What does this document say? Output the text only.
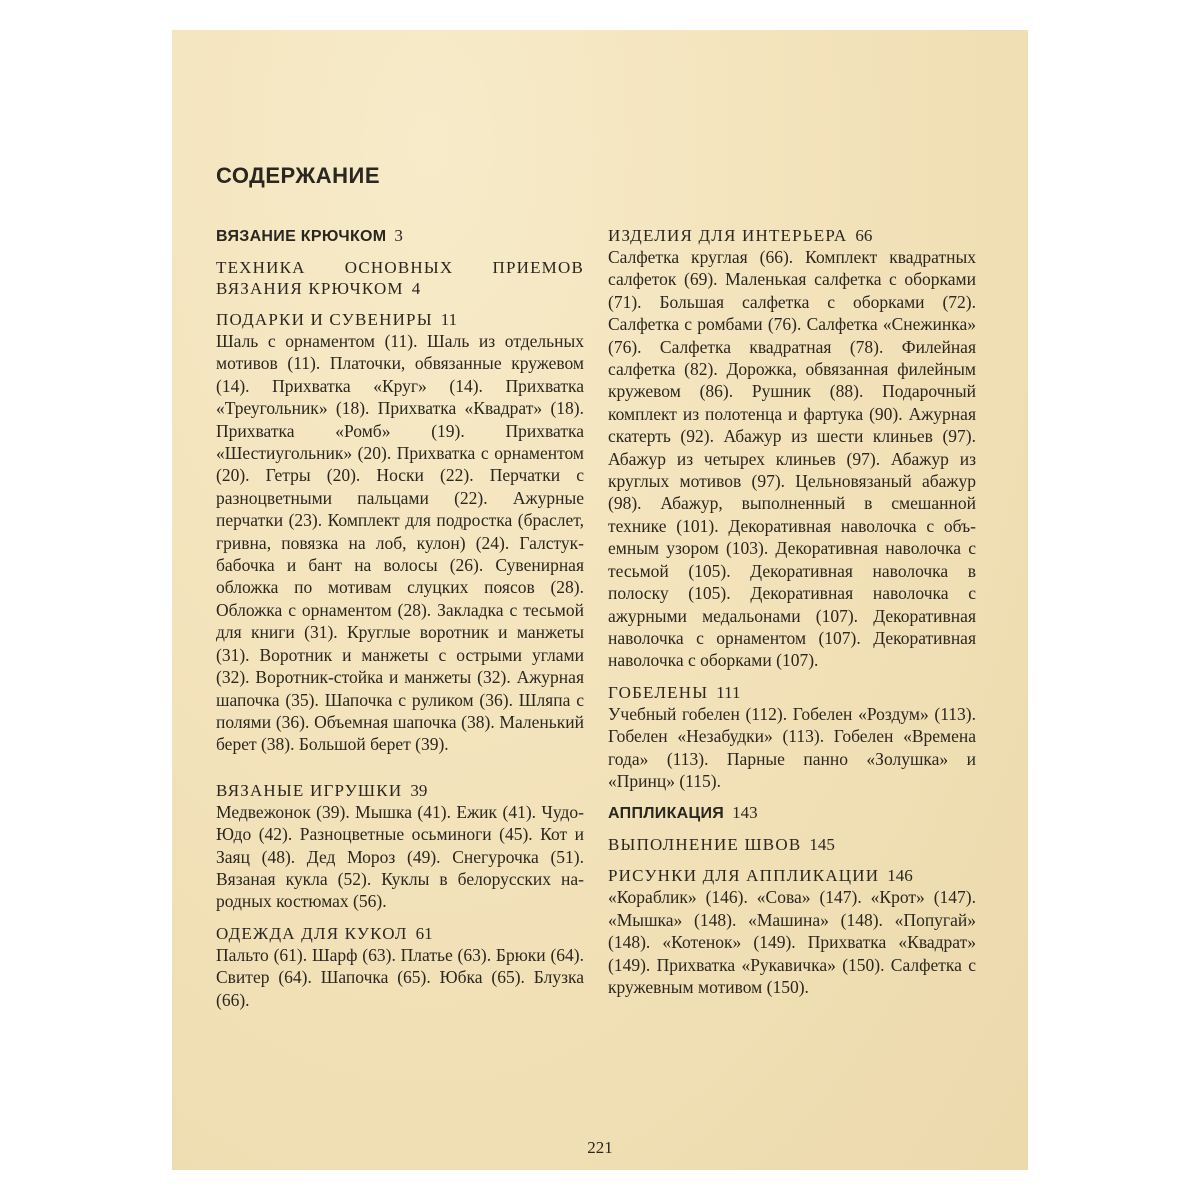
СОДЕРЖАНИЕ

ВЯЗАНИЕ КРЮЧКОМ 3

ТЕХНИКА ОСНОВНЫХ ПРИЕМОВ ВЯЗАНИЯ КРЮЧКОМ 4

ПОДАРКИ И СУВЕНИРЫ 11

Шаль с орнаментом (11). Шаль из отдельных мотивов (11). Платочки, обвязанные кружевом (14). Прихватка «Круг» (14). Прихватка «Треугольник» (18). Прихватка «Квадрат» (18). Прихватка «Ромб» (19). Прихватка «Шестиугольник» (20). Прихватка с орнаментом (20). Гетры (20). Носки (22). Перчатки с разноцветными пальцами (22). Ажурные перчатки (23). Комплект для подростка (браслет, гривна, повязка на лоб, кулон) (24). Галстук-бабочка и бант на волосы (26). Сувенирная обложка по мотивам слуцких поясов (28). Обложка с орнаментом (28). Закладка с тесьмой для книги (31). Круглые воротник и манжеты (31). Воротник и манжеты с острыми углами (32). Воротник-стойка и манжеты (32). Ажурная шапочка (35). Шапочка с руликом (36). Шляпа с полями (36). Объемная шапочка (38). Маленький берет (38). Большой берет (39).

ВЯЗАНЫЕ ИГРУШКИ 39

Медвежонок (39). Мышка (41). Ежик (41). Чудо-Юдо (42). Разноцветные осьминоги (45). Кот и Заяц (48). Дед Мороз (49). Снегурочка (51). Вязаная кукла (52). Куклы в белорусских народных костюмах (56).

ОДЕЖДА ДЛЯ КУКОЛ 61

Пальто (61). Шарф (63). Платье (63). Брюки (64). Свитер (64). Шапочка (65). Юбка (65). Блузка (66).

ИЗДЕЛИЯ ДЛЯ ИНТЕРЬЕРА 66

Салфетка круглая (66). Комплект квадратных салфеток (69). Маленькая салфетка с оборками (71). Большая салфетка с оборками (72). Салфетка с ромбами (76). Салфетка «Снежинка» (76). Салфетка квадратная (78). Филейная салфетка (82). Дорожка, обвязанная филейным кружевом (86). Рушник (88). Подарочный комплект из полотенца и фартука (90). Ажурная скатерть (92). Абажур из шести клиньев (97). Абажур из четырех клиньев (97). Абажур из круглых мотивов (97). Цельновязаный абажур (98). Абажур, выполненный в смешанной технике (101). Декоративная наволочка с объемным узором (103). Декоративная наволочка с тесьмой (105). Декоративная наволочка в полоску (105). Декоративная наволочка с ажурными медальонами (107). Декоративная наволочка с орнаментом (107). Декоративная наволочка с оборками (107).

ГОБЕЛЕНЫ 111

Учебный гобелен (112). Гобелен «Роздум» (113). Гобелен «Незабудки» (113). Гобелен «Времена года» (113). Парные панно «Золушка» и «Принц» (115).

АППЛИКАЦИЯ 143

ВЫПОЛНЕНИЕ ШВОВ 145

РИСУНКИ ДЛЯ АППЛИКАЦИИ 146

«Кораблик» (146). «Сова» (147). «Крот» (147). «Мышка» (148). «Машина» (148). «Попугай» (148). «Котенок» (149). Прихватка «Квадрат» (149). Прихватка «Рукавичка» (150). Салфетка с кружевным мотивом (150).

221
